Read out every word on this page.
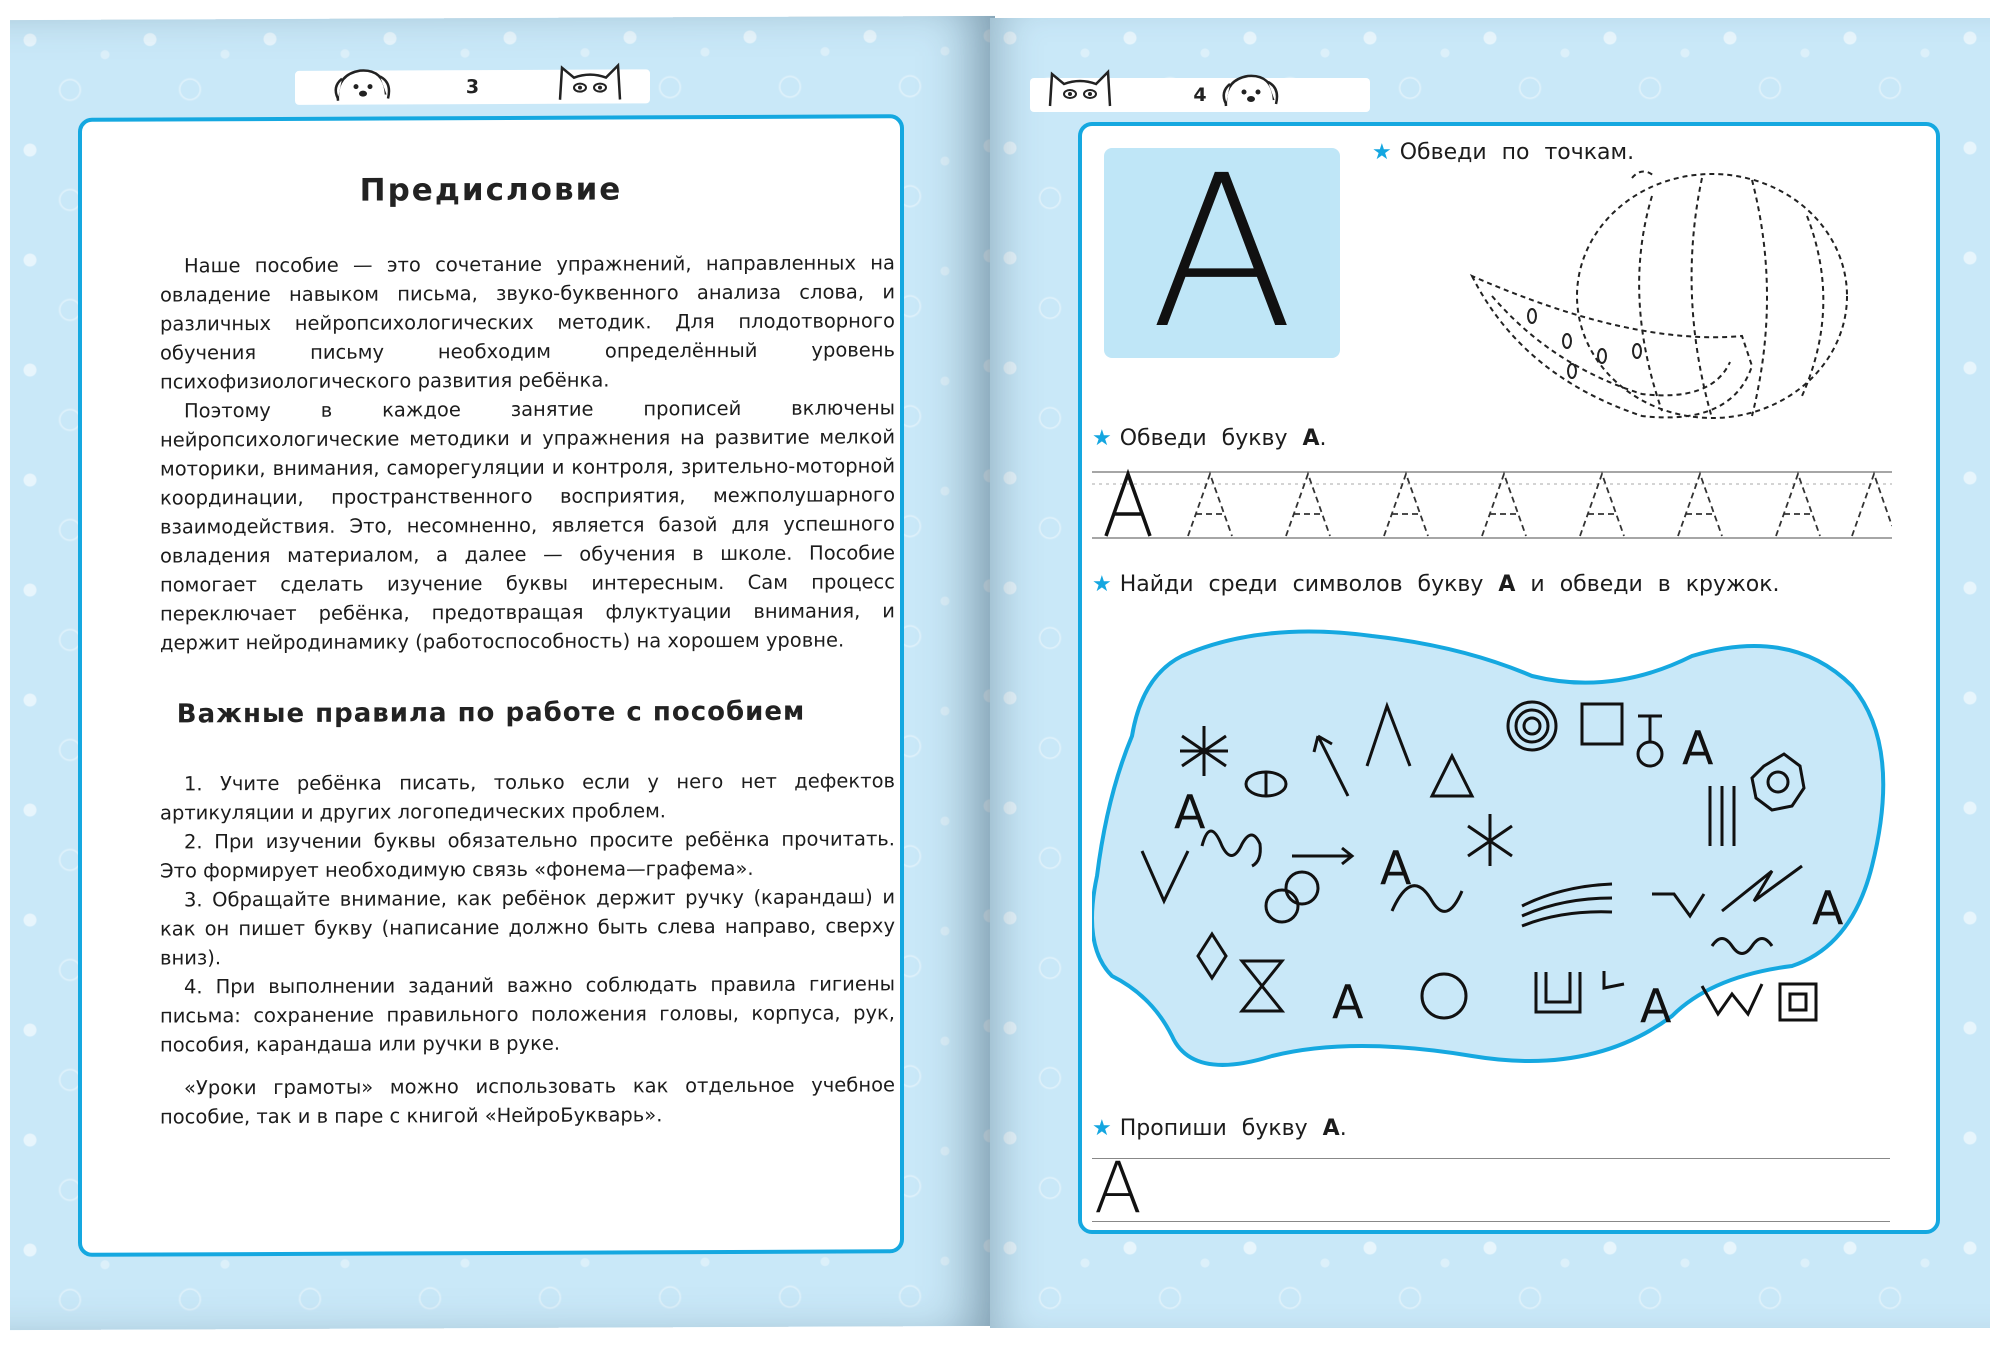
3
Предисловие

Наше пособие — это сочетание упражнений, направленных на овладение навыком письма, звуко-буквенного анализа слова, и различных нейропсихологических методик. Для плодотворного обучения письму необходим определённый уровень психофизиологического развития ребёнка.

Поэтому в каждое занятие прописей включены нейропсихологические методики и упражнения на развитие мелкой моторики, внимания, саморегуляции и контроля, зрительно-моторной координации, пространственного восприятия, межполушарного взаимодействия. Это, несомненно, является базой для успешного овладения материалом, а далее — обучения в школе. Пособие помогает сделать изучение буквы интересным. Сам процесс переключает ребёнка, предотвращая флуктуации внимания, и держит нейродинамику (работоспособность) на хорошем уровне.

Важные правила по работе с пособием

1. Учите ребёнка писать, только если у него нет дефектов артикуляции и других логопедических проблем.

2. При изучении буквы обязательно просите ребёнка прочитать. Это формирует необходимую связь «фонема—графема».

3. Обращайте внимание, как ребёнок держит ручку (карандаш) и как он пишет букву (написание должно быть слева направо, сверху вниз).

4. При выполнении заданий важно соблюдать правила гигиены письма: сохранение правильного положения головы, корпуса, рук, пособия, карандаша или ручки в руке.

«Уроки грамоты» можно использовать как отдельное учебное пособие, так и в паре с книгой «НейроБукварь».

4
А	★ Обведи по точкам.
★ Обведи букву А.
★ Найди среди символов букву А и обведи в кружок.
А
А
А
А
А	А
★ Пропиши букву А.
А
